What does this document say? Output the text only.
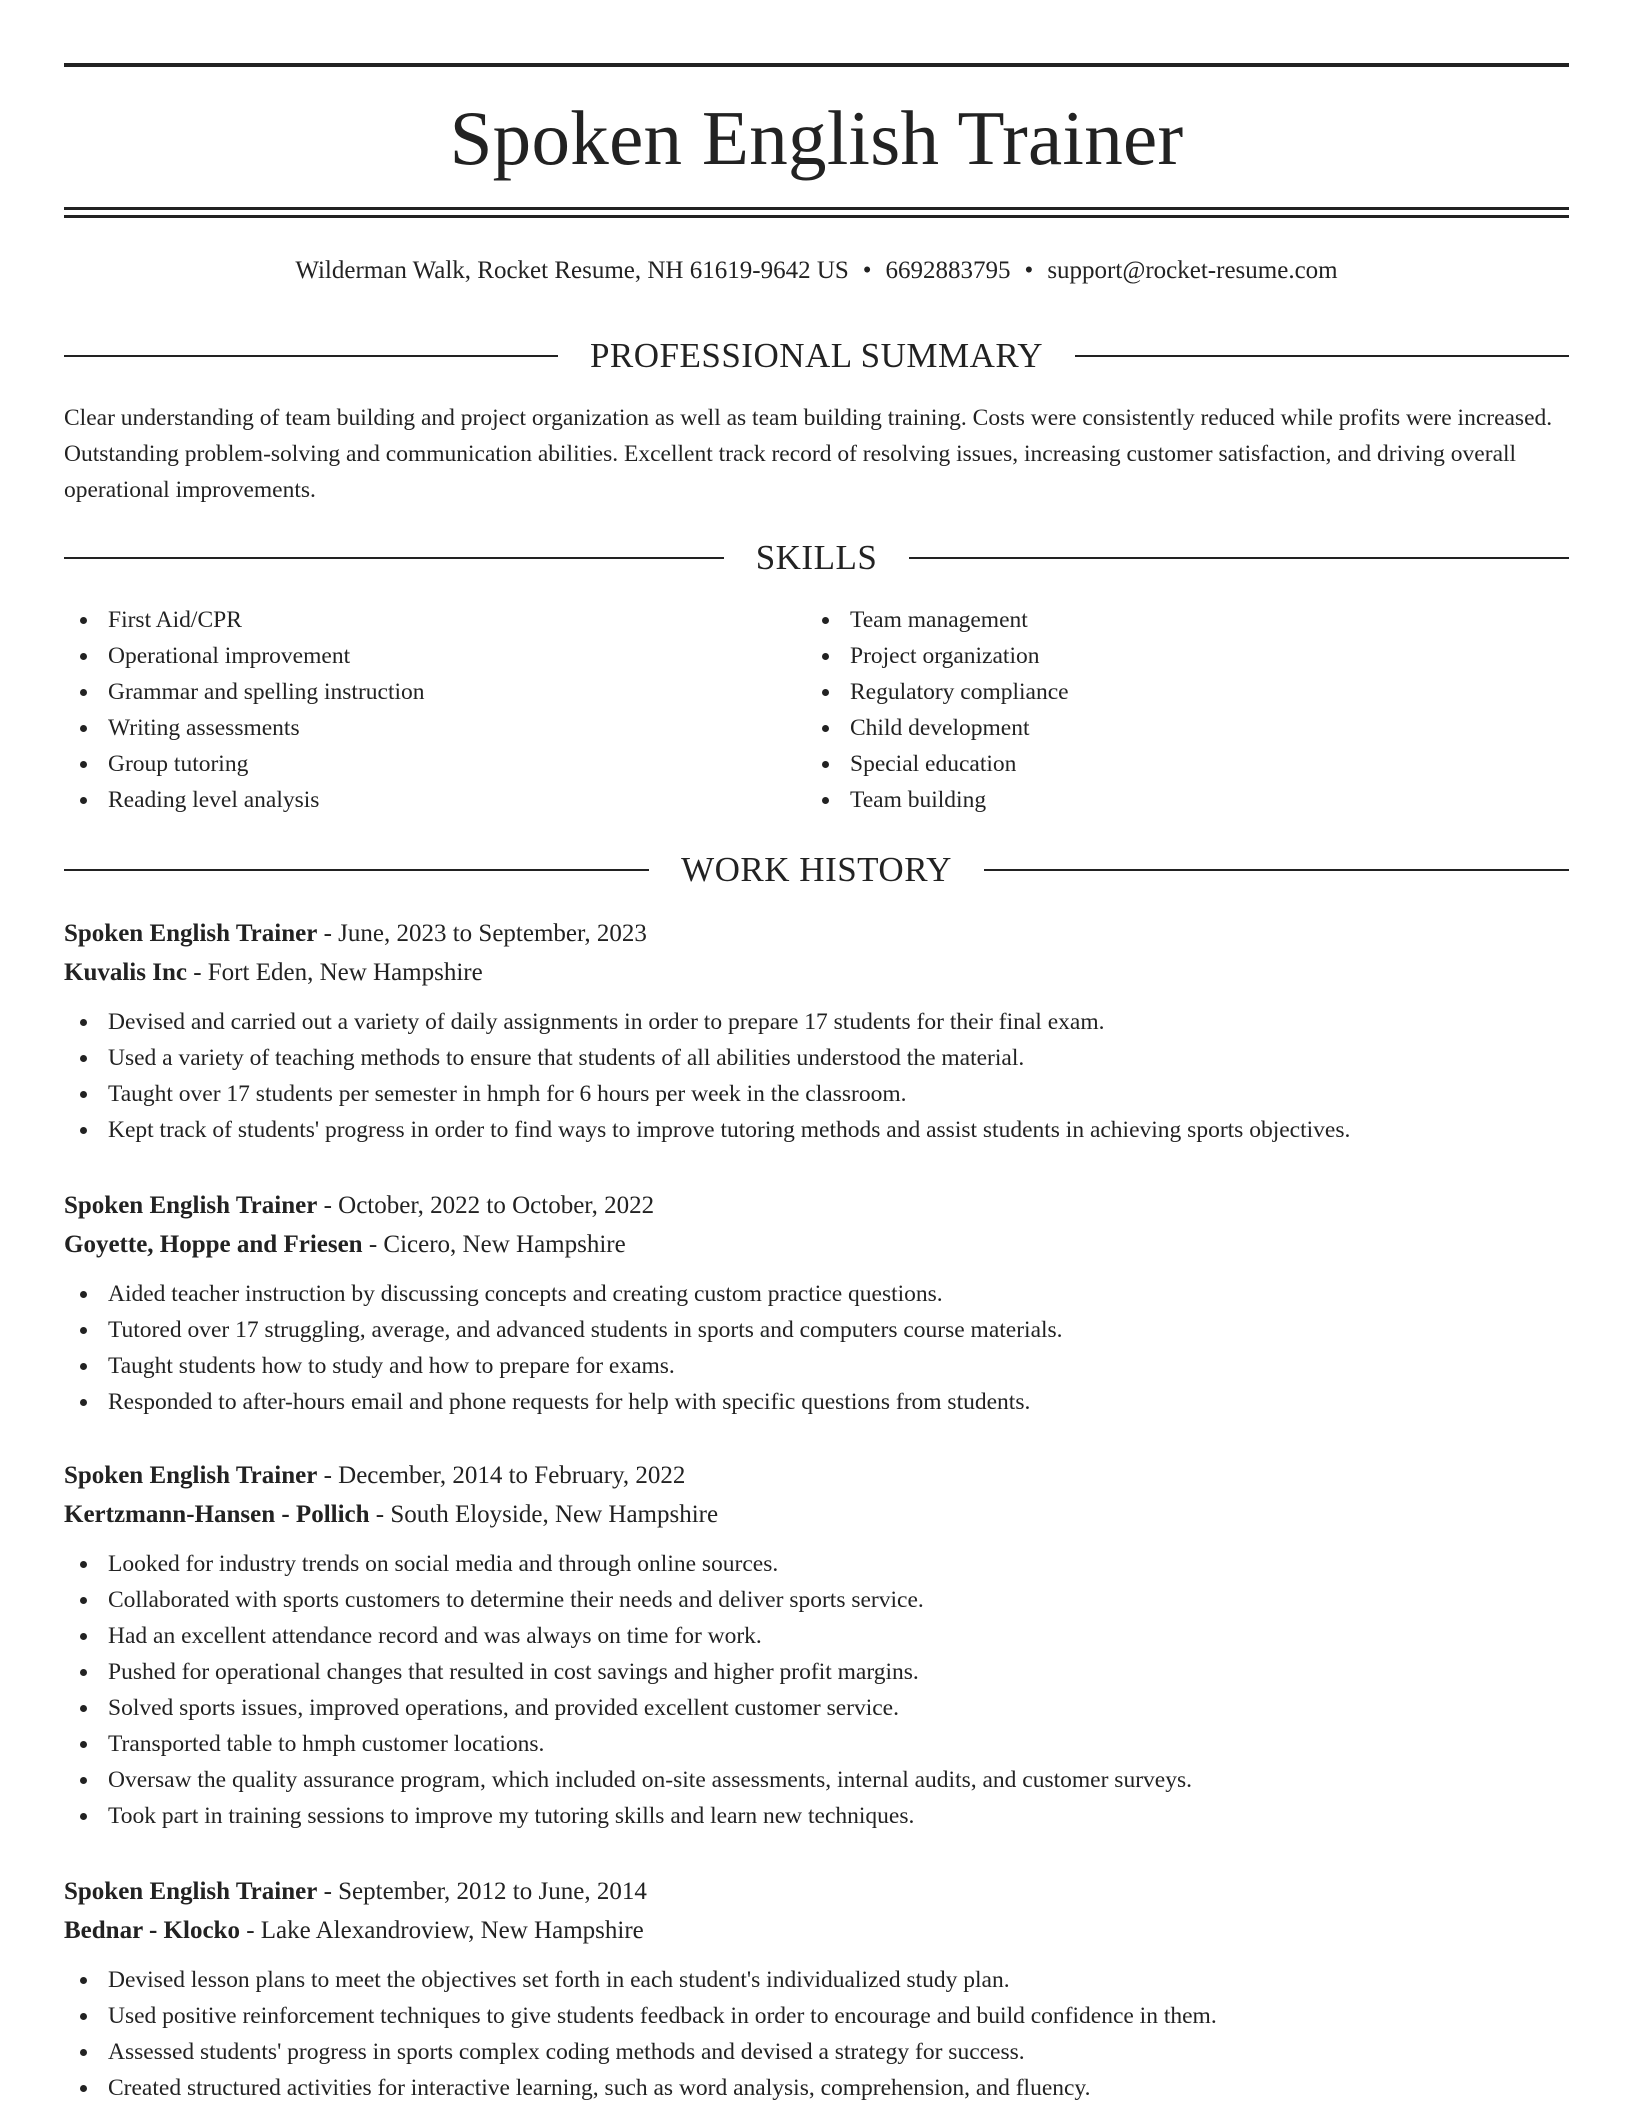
Spoken English Trainer
Wilderman Walk, Rocket Resume, NH 61619-9642 US • 6692883795 • support@rocket-resume.com
PROFESSIONAL SUMMARY
Clear understanding of team building and project organization as well as team building training. Costs were consistently reduced while profits were increased. Outstanding problem-solving and communication abilities. Excellent track record of resolving issues, increasing customer satisfaction, and driving overall operational improvements.
SKILLS
First Aid/CPR
Operational improvement
Grammar and spelling instruction
Writing assessments
Group tutoring
Reading level analysis
Team management
Project organization
Regulatory compliance
Child development
Special education
Team building
WORK HISTORY
Spoken English Trainer - June, 2023 to September, 2023
Kuvalis Inc - Fort Eden, New Hampshire
Devised and carried out a variety of daily assignments in order to prepare 17 students for their final exam.
Used a variety of teaching methods to ensure that students of all abilities understood the material.
Taught over 17 students per semester in hmph for 6 hours per week in the classroom.
Kept track of students' progress in order to find ways to improve tutoring methods and assist students in achieving sports objectives.
Spoken English Trainer - October, 2022 to October, 2022
Goyette, Hoppe and Friesen - Cicero, New Hampshire
Aided teacher instruction by discussing concepts and creating custom practice questions.
Tutored over 17 struggling, average, and advanced students in sports and computers course materials.
Taught students how to study and how to prepare for exams.
Responded to after-hours email and phone requests for help with specific questions from students.
Spoken English Trainer - December, 2014 to February, 2022
Kertzmann-Hansen - Pollich - South Eloyside, New Hampshire
Looked for industry trends on social media and through online sources.
Collaborated with sports customers to determine their needs and deliver sports service.
Had an excellent attendance record and was always on time for work.
Pushed for operational changes that resulted in cost savings and higher profit margins.
Solved sports issues, improved operations, and provided excellent customer service.
Transported table to hmph customer locations.
Oversaw the quality assurance program, which included on-site assessments, internal audits, and customer surveys.
Took part in training sessions to improve my tutoring skills and learn new techniques.
Spoken English Trainer - September, 2012 to June, 2014
Bednar - Klocko - Lake Alexandroview, New Hampshire
Devised lesson plans to meet the objectives set forth in each student's individualized study plan.
Used positive reinforcement techniques to give students feedback in order to encourage and build confidence in them.
Assessed students' progress in sports complex coding methods and devised a strategy for success.
Created structured activities for interactive learning, such as word analysis, comprehension, and fluency.
